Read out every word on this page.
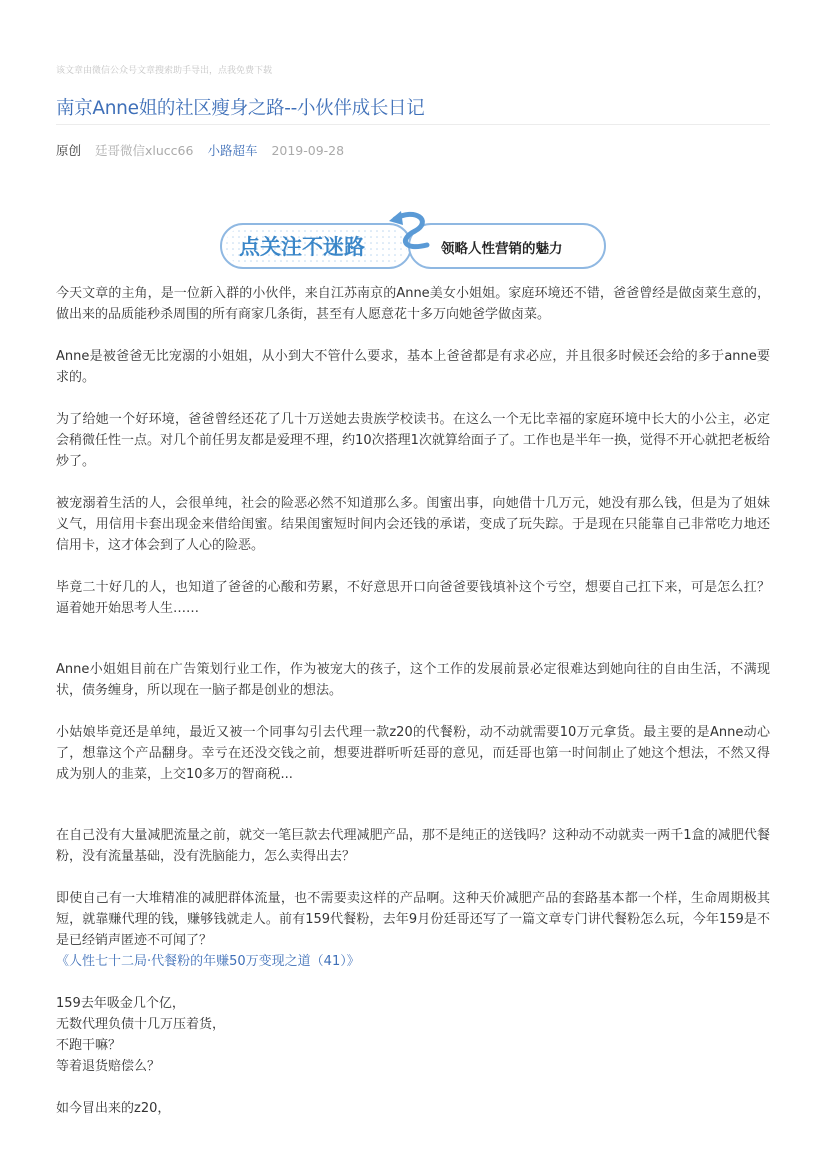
该文章由微信公众号文章搜索助手导出，点我免费下载
南京Anne姐的社区瘦身之路--小伙伴成长日记
原创 廷哥微信xlucc66 小路超车 2019-09-28
点关注不迷路	领略人性营销的魅力

今天文章的主角，是一位新入群的小伙伴，来自江苏南京的Anne美女小姐姐。家庭环境还不错，爸爸曾经是做卤菜生意的，做出来的品质能秒杀周围的所有商家几条街，甚至有人愿意花十多万向她爸学做卤菜。

Anne是被爸爸无比宠溺的小姐姐，从小到大不管什么要求，基本上爸爸都是有求必应，并且很多时候还会给的多于anne要求的。

为了给她一个好环境，爸爸曾经还花了几十万送她去贵族学校读书。在这么一个无比幸福的家庭环境中长大的小公主，必定会稍微任性一点。对几个前任男友都是爱理不理，约10次搭理1次就算给面子了。工作也是半年一换，觉得不开心就把老板给炒了。

被宠溺着生活的人，会很单纯，社会的险恶必然不知道那么多。闺蜜出事，向她借十几万元，她没有那么钱，但是为了姐妹义气，用信用卡套出现金来借给闺蜜。结果闺蜜短时间内会还钱的承诺，变成了玩失踪。于是现在只能靠自己非常吃力地还信用卡，这才体会到了人心的险恶。

毕竟二十好几的人，也知道了爸爸的心酸和劳累，不好意思开口向爸爸要钱填补这个亏空，想要自己扛下来，可是怎么扛？逼着她开始思考人生……

Anne小姐姐目前在广告策划行业工作，作为被宠大的孩子，这个工作的发展前景必定很难达到她向往的自由生活，不满现状，债务缠身，所以现在一脑子都是创业的想法。

小姑娘毕竟还是单纯，最近又被一个同事勾引去代理一款z20的代餐粉，动不动就需要10万元拿货。最主要的是Anne动心了，想靠这个产品翻身。幸亏在还没交钱之前，想要进群听听廷哥的意见，而廷哥也第一时间制止了她这个想法，不然又得成为别人的韭菜，上交10多万的智商税...

在自己没有大量减肥流量之前，就交一笔巨款去代理减肥产品，那不是纯正的送钱吗？这种动不动就卖一两千1盒的减肥代餐粉，没有流量基础，没有洗脑能力，怎么卖得出去？

即使自己有一大堆精准的减肥群体流量，也不需要卖这样的产品啊。这种天价减肥产品的套路基本都一个样，生命周期极其短，就靠赚代理的钱，赚够钱就走人。前有159代餐粉，去年9月份廷哥还写了一篇文章专门讲代餐粉怎么玩，今年159是不是已经销声匿迹不可闻了？

《人性七十二局·代餐粉的年赚50万变现之道（41）》
159去年吸金几个亿，
无数代理负债十几万压着货，
不跑干嘛？
等着退货赔偿么？
如今冒出来的z20，
